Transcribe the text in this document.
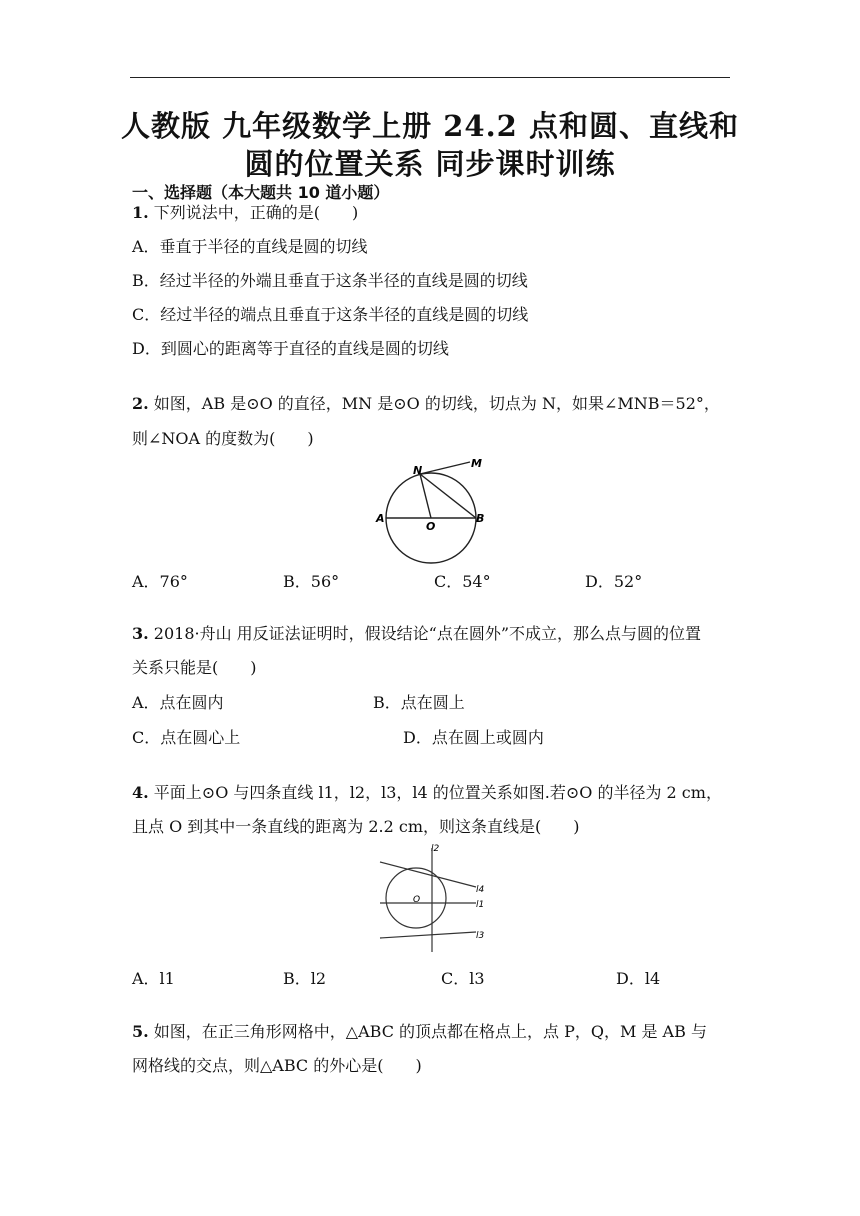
人教版 九年级数学上册 24.2 点和圆、直线和
圆的位置关系 同步课时训练
一、选择题（本大题共 10 道小题）
1. 下列说法中，正确的是(　　)
A．垂直于半径的直线是圆的切线
B．经过半径的外端且垂直于这条半径的直线是圆的切线
C．经过半径的端点且垂直于这条半径的直线是圆的切线
D．到圆心的距离等于直径的直线是圆的切线
2. 如图，AB 是⊙O 的直径，MN 是⊙O 的切线，切点为 N，如果∠MNB＝52°，
则∠NOA 的度数为(　　)
N
M
A
O
B
A．76°	B．56°	C．54°	D．52°
3. 2018·舟山 用反证法证明时，假设结论“点在圆外”不成立，那么点与圆的位置
关系只能是(　　)
A．点在圆内	B．点在圆上
C．点在圆心上	D．点在圆上或圆内
4. 平面上⊙O 与四条直线 l1，l2，l3，l4 的位置关系如图.若⊙O 的半径为 2 cm，
且点 O 到其中一条直线的距离为 2.2 cm，则这条直线是(　　)
l2
l4
l1
l3
O
A．l1	B．l2	C．l3	D．l4
5. 如图，在正三角形网格中，△ABC 的顶点都在格点上，点 P，Q，M 是 AB 与
网格线的交点，则△ABC 的外心是(　　)
